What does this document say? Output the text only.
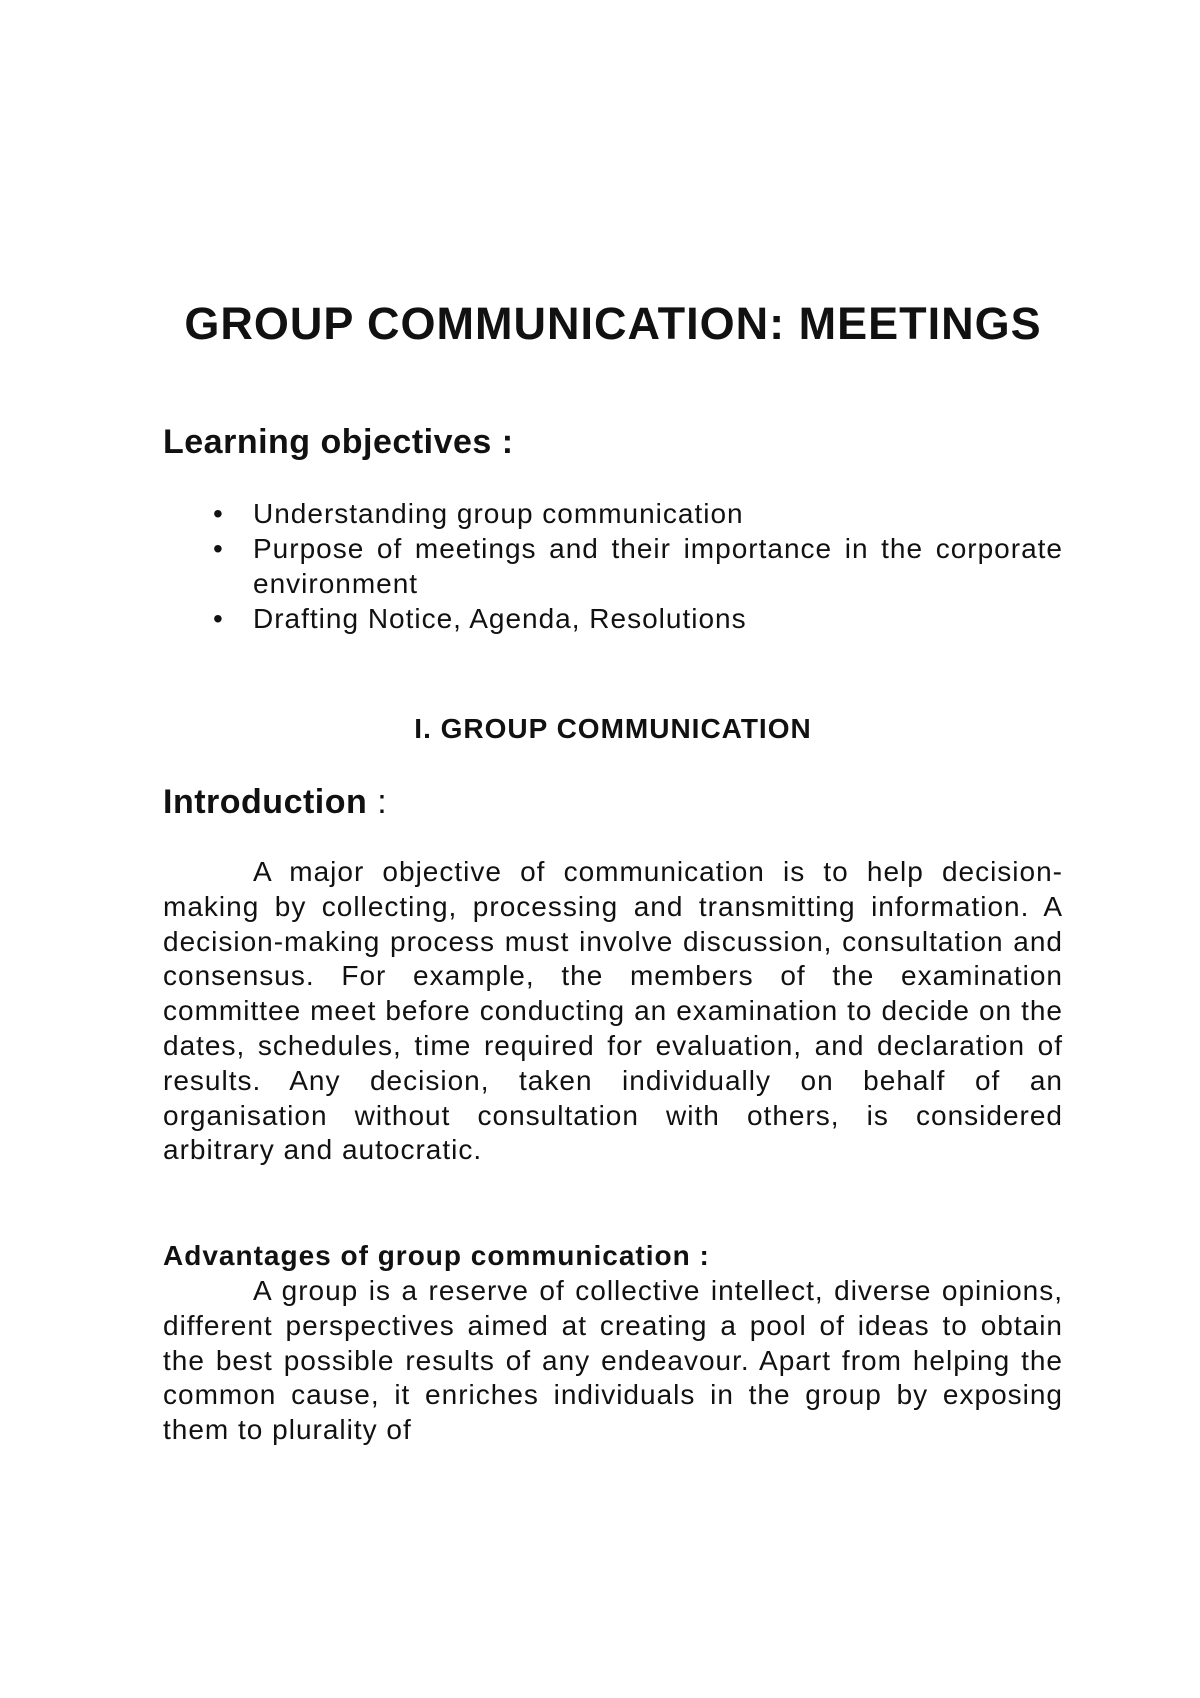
GROUP COMMUNICATION: MEETINGS
Learning objectives :
• Understanding group communication
• Purpose of meetings and their importance in the corporate environment
• Drafting Notice, Agenda, Resolutions
I. GROUP COMMUNICATION
Introduction :

A major objective of communication is to help decision-making by collecting, processing and transmitting information. A decision-making process must involve discussion, consultation and consensus. For example, the members of the examination committee meet before conducting an examination to decide on the dates, schedules, time required for evaluation, and declaration of results. Any decision, taken individually on behalf of an organisation without consultation with others, is considered arbitrary and autocratic.

Advantages of group communication :

A group is a reserve of collective intellect, diverse opinions, different perspectives aimed at creating a pool of ideas to obtain the best possible results of any endeavour. Apart from helping the common cause, it enriches individuals in the group by exposing them to plurality of
